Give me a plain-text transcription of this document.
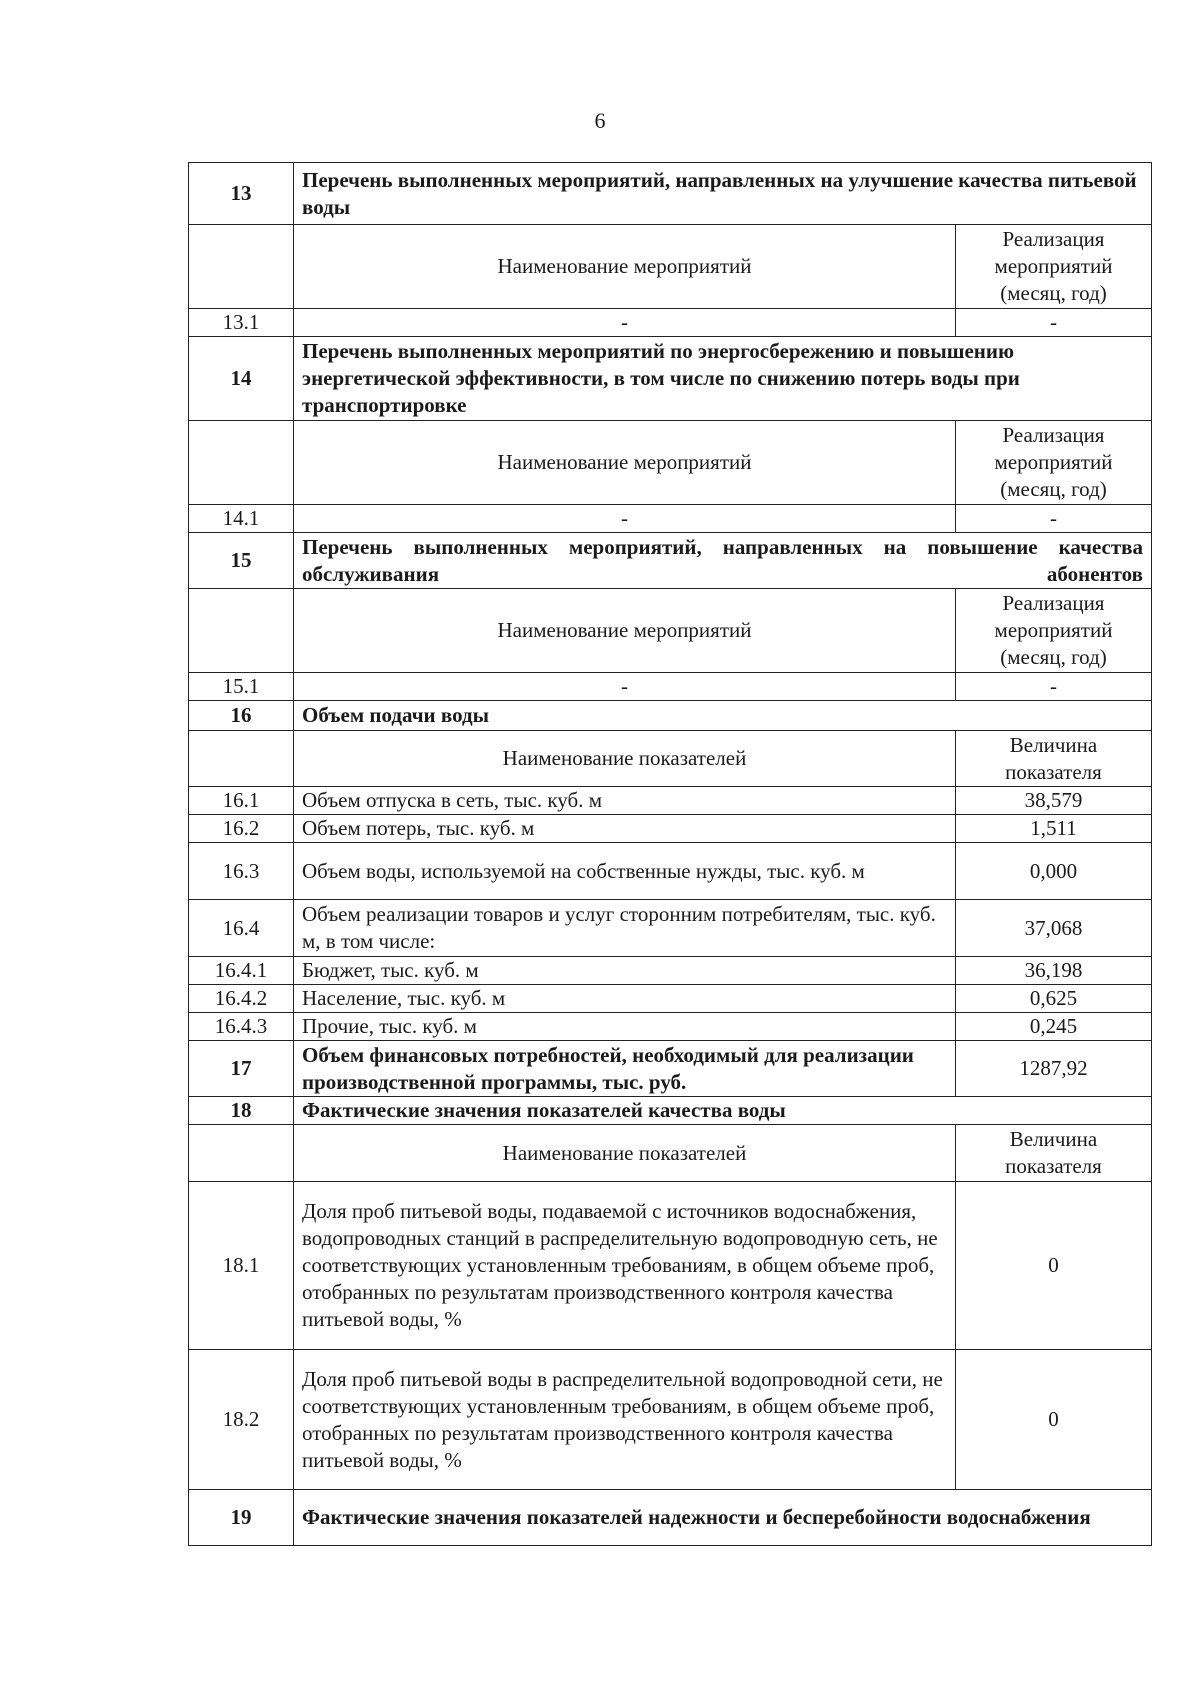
6
13	Перечень выполненных мероприятий, направленных на улучшение качества питьевой воды	
	Наименование мероприятий	Реализация мероприятий (месяц, год)
13.1	-	-
14	Перечень выполненных мероприятий по энергосбережению и повышению энергетической эффективности, в том числе по снижению потерь воды при транспортировке	
	Наименование мероприятий	Реализация мероприятий (месяц, год)
14.1	-	-
15	Перечень выполненных мероприятий, направленных на повышение качества обслуживания абонентов	
	Наименование мероприятий	Реализация мероприятий (месяц, год)
15.1	-	-
16	Объем подачи воды	
	Наименование показателей	Величина показателя
16.1	Объем отпуска в сеть, тыс. куб. м	38,579
16.2	Объем потерь, тыс. куб. м	1,511
16.3	Объем воды, используемой на собственные нужды, тыс. куб. м	0,000
16.4	Объем реализации товаров и услуг сторонним потребителям, тыс. куб. м, в том числе:	37,068
16.4.1	Бюджет, тыс. куб. м	36,198
16.4.2	Население, тыс. куб. м	0,625
16.4.3	Прочие, тыс. куб. м	0,245
17	Объем финансовых потребностей, необходимый для реализации производственной программы, тыс. руб.	1287,92
18	Фактические значения показателей качества воды	
	Наименование показателей	Величина показателя
18.1	Доля проб питьевой воды, подаваемой с источников водоснабжения, водопроводных станций в распределительную водопроводную сеть, не соответствующих установленным требованиям, в общем объеме проб, отобранных по результатам производственного контроля качества питьевой воды, %	0
18.2	Доля проб питьевой воды в распределительной водопроводной сети, не соответствующих установленным требованиям, в общем объеме проб, отобранных по результатам производственного контроля качества питьевой воды, %	0
19	Фактические значения показателей надежности и бесперебойности водоснабжения	
